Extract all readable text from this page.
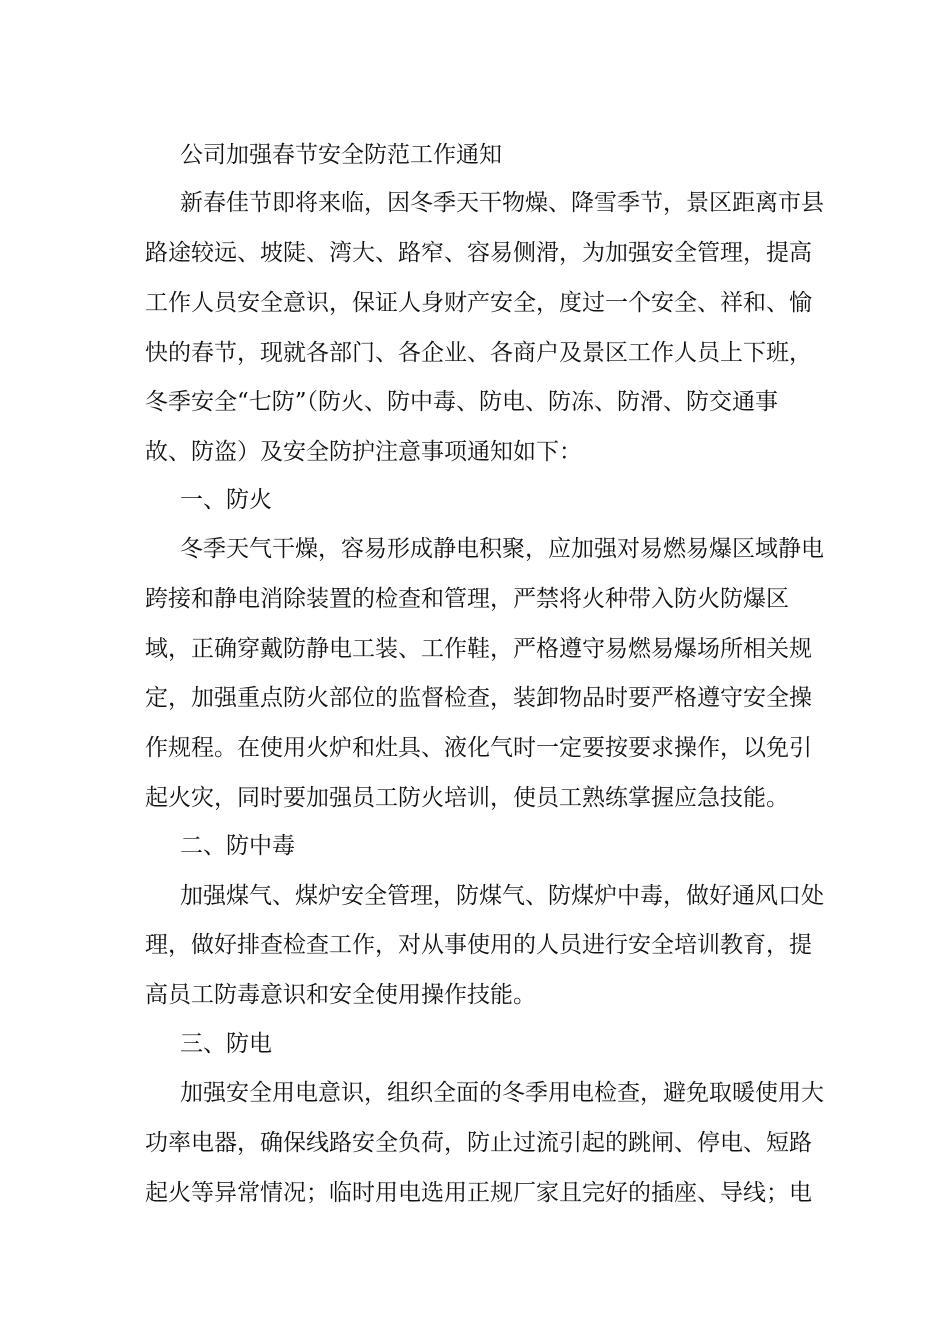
公司加强春节安全防范工作通知

新春佳节即将来临，因冬季天干物燥、降雪季节，景区距离市县

路途较远、坡陡、湾大、路窄、容易侧滑，为加强安全管理，提高

工作人员安全意识，保证人身财产安全，度过一个安全、祥和、愉

快的春节，现就各部门、各企业、各商户及景区工作人员上下班，

冬季安全“七防”（防火、防中毒、防电、防冻、防滑、防交通事

故、防盗）及安全防护注意事项通知如下：

一、防火

冬季天气干燥，容易形成静电积聚，应加强对易燃易爆区域静电

跨接和静电消除装置的检查和管理，严禁将火种带入防火防爆区

域，正确穿戴防静电工装、工作鞋，严格遵守易燃易爆场所相关规

定，加强重点防火部位的监督检查，装卸物品时要严格遵守安全操

作规程。在使用火炉和灶具、液化气时一定要按要求操作，以免引

起火灾，同时要加强员工防火培训，使员工熟练掌握应急技能。

二、防中毒

加强煤气、煤炉安全管理，防煤气、防煤炉中毒，做好通风口处

理，做好排查检查工作，对从事使用的人员进行安全培训教育，提

高员工防毒意识和安全使用操作技能。

三、防电

加强安全用电意识，组织全面的冬季用电检查，避免取暖使用大

功率电器，确保线路安全负荷，防止过流引起的跳闸、停电、短路

起火等异常情况；临时用电选用正规厂家且完好的插座、导线；电
